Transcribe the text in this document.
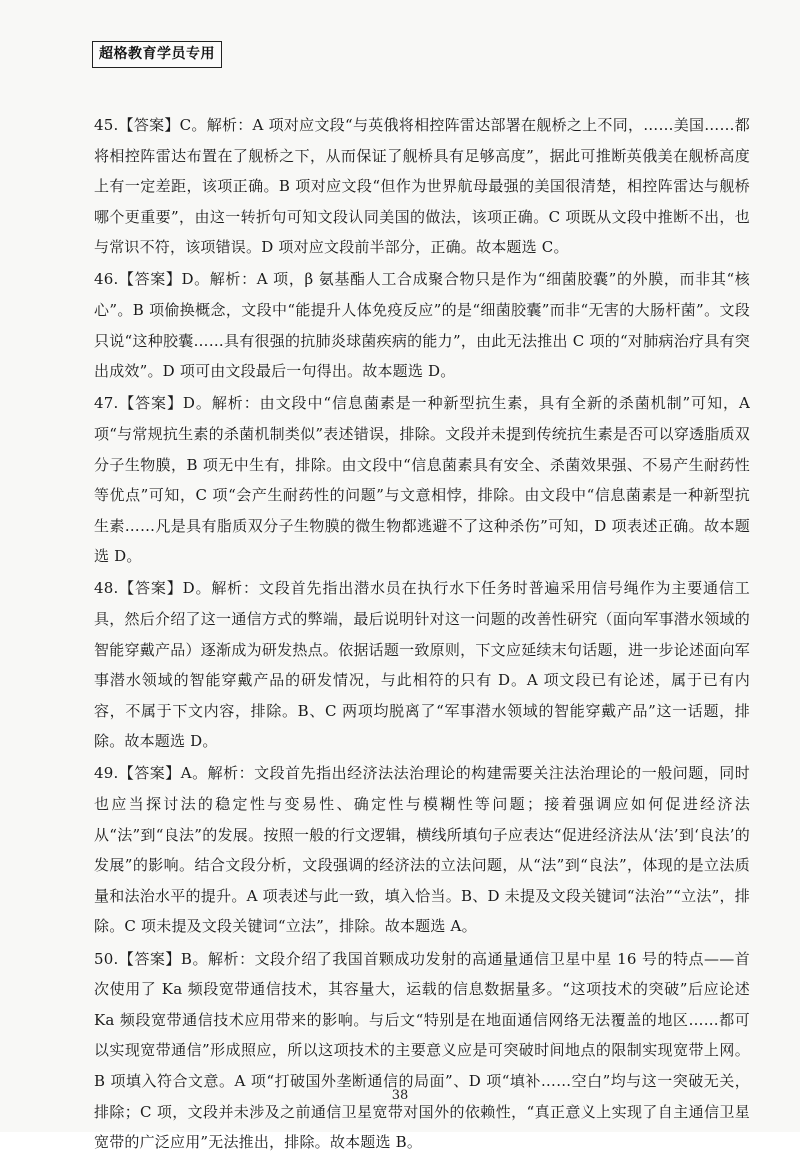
超格教育学员专用

45.【答案】C。解析：A 项对应文段“与英俄将相控阵雷达部署在舰桥之上不同，……美国……都将相控阵雷达布置在了舰桥之下，从而保证了舰桥具有足够高度”，据此可推断英俄美在舰桥高度上有一定差距，该项正确。B 项对应文段“但作为世界航母最强的美国很清楚，相控阵雷达与舰桥哪个更重要”，由这一转折句可知文段认同美国的做法，该项正确。C 项既从文段中推断不出，也与常识不符，该项错误。D 项对应文段前半部分，正确。故本题选 C。

46.【答案】D。解析：A 项，β 氨基酯人工合成聚合物只是作为“细菌胶囊”的外膜，而非其“核心”。B 项偷换概念，文段中“能提升人体免疫反应”的是“细菌胶囊”而非“无害的大肠杆菌”。文段只说“这种胶囊……具有很强的抗肺炎球菌疾病的能力”，由此无法推出 C 项的“对肺病治疗具有突出成效”。D 项可由文段最后一句得出。故本题选 D。

47.【答案】D。解析：由文段中“信息菌素是一种新型抗生素，具有全新的杀菌机制”可知，A 项“与常规抗生素的杀菌机制类似”表述错误，排除。文段并未提到传统抗生素是否可以穿透脂质双分子生物膜，B 项无中生有，排除。由文段中“信息菌素具有安全、杀菌效果强、不易产生耐药性等优点”可知，C 项“会产生耐药性的问题”与文意相悖，排除。由文段中“信息菌素是一种新型抗生素……凡是具有脂质双分子生物膜的微生物都逃避不了这种杀伤”可知，D 项表述正确。故本题选 D。

48.【答案】D。解析：文段首先指出潜水员在执行水下任务时普遍采用信号绳作为主要通信工具，然后介绍了这一通信方式的弊端，最后说明针对这一问题的改善性研究（面向军事潜水领域的智能穿戴产品）逐渐成为研发热点。依据话题一致原则，下文应延续末句话题，进一步论述面向军事潜水领域的智能穿戴产品的研发情况，与此相符的只有 D。A 项文段已有论述，属于已有内容，不属于下文内容，排除。B、C 两项均脱离了“军事潜水领域的智能穿戴产品”这一话题，排除。故本题选 D。

49.【答案】A。解析：文段首先指出经济法法治理论的构建需要关注法治理论的一般问题，同时也应当探讨法的稳定性与变易性、确定性与模糊性等问题；接着强调应如何促进经济法从“法”到“良法”的发展。按照一般的行文逻辑，横线所填句子应表达“促进经济法从‘法’到‘良法’的发展”的影响。结合文段分析，文段强调的经济法的立法问题，从“法”到“良法”，体现的是立法质量和法治水平的提升。A 项表述与此一致，填入恰当。B、D 未提及文段关键词“法治”“立法”，排除。C 项未提及文段关键词“立法”，排除。故本题选 A。

50.【答案】B。解析：文段介绍了我国首颗成功发射的高通量通信卫星中星 16 号的特点——首次使用了 Ka 频段宽带通信技术，其容量大，运载的信息数据量多。“这项技术的突破”后应论述 Ka 频段宽带通信技术应用带来的影响。与后文“特别是在地面通信网络无法覆盖的地区……都可以实现宽带通信”形成照应，所以这项技术的主要意义应是可突破时间地点的限制实现宽带上网。B 项填入符合文意。A 项“打破国外垄断通信的局面”、D 项“填补……空白”均与这一突破无关，排除；C 项，文段并未涉及之前通信卫星宽带对国外的依赖性，“真正意义上实现了自主通信卫星宽带的广泛应用”无法推出，排除。故本题选 B。

38
